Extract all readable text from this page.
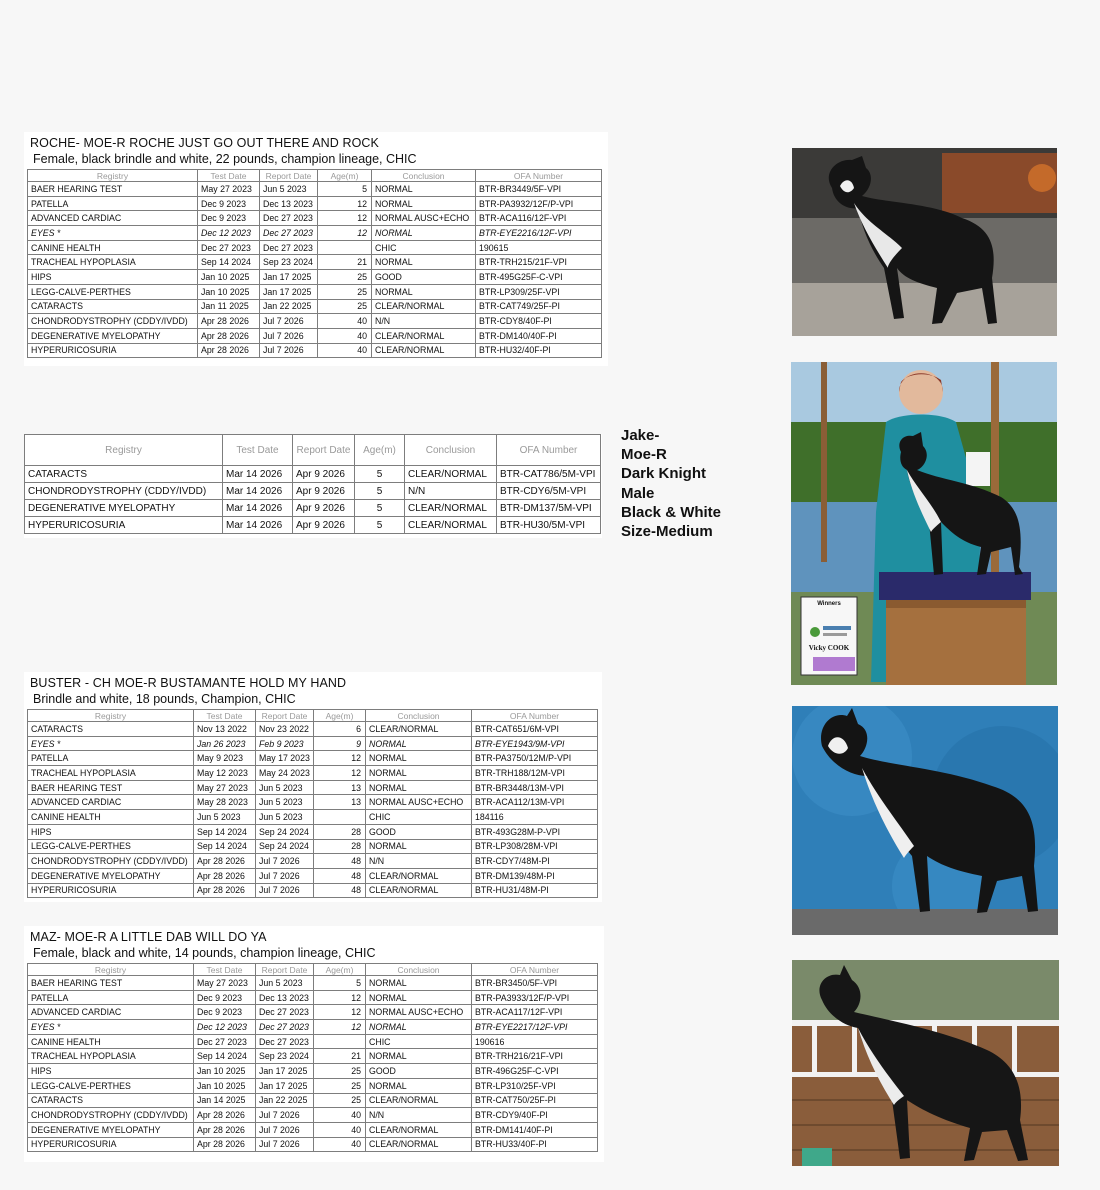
ROCHE- MOE-R ROCHE JUST GO OUT THERE AND ROCK
Female, black brindle and white, 22 pounds, champion lineage, CHIC
Registry	Test Date	Report Date	Age(m)	Conclusion	OFA Number
BAER HEARING TEST	May 27 2023	Jun 5 2023	5	NORMAL	BTR-BR3449/5F-VPI
PATELLA	Dec 9 2023	Dec 13 2023	12	NORMAL	BTR-PA3932/12F/P-VPI
ADVANCED CARDIAC	Dec 9 2023	Dec 27 2023	12	NORMAL AUSC+ECHO	BTR-ACA116/12F-VPI
EYES *	Dec 12 2023	Dec 27 2023	12	NORMAL	BTR-EYE2216/12F-VPI
CANINE HEALTH	Dec 27 2023	Dec 27 2023		CHIC	190615
TRACHEAL HYPOPLASIA	Sep 14 2024	Sep 23 2024	21	NORMAL	BTR-TRH215/21F-VPI
HIPS	Jan 10 2025	Jan 17 2025	25	GOOD	BTR-495G25F-C-VPI
LEGG-CALVE-PERTHES	Jan 10 2025	Jan 17 2025	25	NORMAL	BTR-LP309/25F-VPI
CATARACTS	Jan 11 2025	Jan 22 2025	25	CLEAR/NORMAL	BTR-CAT749/25F-PI
CHONDRODYSTROPHY (CDDY/IVDD)	Apr 28 2026	Jul 7 2026	40	N/N	BTR-CDY8/40F-PI
DEGENERATIVE MYELOPATHY	Apr 28 2026	Jul 7 2026	40	CLEAR/NORMAL	BTR-DM140/40F-PI
HYPERURICOSURIA	Apr 28 2026	Jul 7 2026	40	CLEAR/NORMAL	BTR-HU32/40F-PI
Registry	Test Date	Report Date	Age(m)	Conclusion	OFA Number
CATARACTS	Mar 14 2026	Apr 9 2026	5	CLEAR/NORMAL	BTR-CAT786/5M-VPI
CHONDRODYSTROPHY (CDDY/IVDD)	Mar 14 2026	Apr 9 2026	5	N/N	BTR-CDY6/5M-VPI
DEGENERATIVE MYELOPATHY	Mar 14 2026	Apr 9 2026	5	CLEAR/NORMAL	BTR-DM137/5M-VPI
HYPERURICOSURIA	Mar 14 2026	Apr 9 2026	5	CLEAR/NORMAL	BTR-HU30/5M-VPI
Jake-
Moe-R
Dark Knight
Male
Black & White
Size-Medium
BUSTER - CH MOE-R BUSTAMANTE HOLD MY HAND
Brindle and white, 18 pounds, Champion, CHIC
Registry	Test Date	Report Date	Age(m)	Conclusion	OFA Number
CATARACTS	Nov 13 2022	Nov 23 2022	6	CLEAR/NORMAL	BTR-CAT651/6M-VPI
EYES *	Jan 26 2023	Feb 9 2023	9	NORMAL	BTR-EYE1943/9M-VPI
PATELLA	May 9 2023	May 17 2023	12	NORMAL	BTR-PA3750/12M/P-VPI
TRACHEAL HYPOPLASIA	May 12 2023	May 24 2023	12	NORMAL	BTR-TRH188/12M-VPI
BAER HEARING TEST	May 27 2023	Jun 5 2023	13	NORMAL	BTR-BR3448/13M-VPI
ADVANCED CARDIAC	May 28 2023	Jun 5 2023	13	NORMAL AUSC+ECHO	BTR-ACA112/13M-VPI
CANINE HEALTH	Jun 5 2023	Jun 5 2023		CHIC	184116
HIPS	Sep 14 2024	Sep 24 2024	28	GOOD	BTR-493G28M-P-VPI
LEGG-CALVE-PERTHES	Sep 14 2024	Sep 24 2024	28	NORMAL	BTR-LP308/28M-VPI
CHONDRODYSTROPHY (CDDY/IVDD)	Apr 28 2026	Jul 7 2026	48	N/N	BTR-CDY7/48M-PI
DEGENERATIVE MYELOPATHY	Apr 28 2026	Jul 7 2026	48	CLEAR/NORMAL	BTR-DM139/48M-PI
HYPERURICOSURIA	Apr 28 2026	Jul 7 2026	48	CLEAR/NORMAL	BTR-HU31/48M-PI
MAZ- MOE-R A LITTLE DAB WILL DO YA
Female, black and white, 14 pounds, champion lineage, CHIC
Registry	Test Date	Report Date	Age(m)	Conclusion	OFA Number
BAER HEARING TEST	May 27 2023	Jun 5 2023	5	NORMAL	BTR-BR3450/5F-VPI
PATELLA	Dec 9 2023	Dec 13 2023	12	NORMAL	BTR-PA3933/12F/P-VPI
ADVANCED CARDIAC	Dec 9 2023	Dec 27 2023	12	NORMAL AUSC+ECHO	BTR-ACA117/12F-VPI
EYES *	Dec 12 2023	Dec 27 2023	12	NORMAL	BTR-EYE2217/12F-VPI
CANINE HEALTH	Dec 27 2023	Dec 27 2023		CHIC	190616
TRACHEAL HYPOPLASIA	Sep 14 2024	Sep 23 2024	21	NORMAL	BTR-TRH216/21F-VPI
HIPS	Jan 10 2025	Jan 17 2025	25	GOOD	BTR-496G25F-C-VPI
LEGG-CALVE-PERTHES	Jan 10 2025	Jan 17 2025	25	NORMAL	BTR-LP310/25F-VPI
CATARACTS	Jan 14 2025	Jan 22 2025	25	CLEAR/NORMAL	BTR-CAT750/25F-PI
CHONDRODYSTROPHY (CDDY/IVDD)	Apr 28 2026	Jul 7 2026	40	N/N	BTR-CDY9/40F-PI
DEGENERATIVE MYELOPATHY	Apr 28 2026	Jul 7 2026	40	CLEAR/NORMAL	BTR-DM141/40F-PI
HYPERURICOSURIA	Apr 28 2026	Jul 7 2026	40	CLEAR/NORMAL	BTR-HU33/40F-PI
Winners
Vicky COOK
